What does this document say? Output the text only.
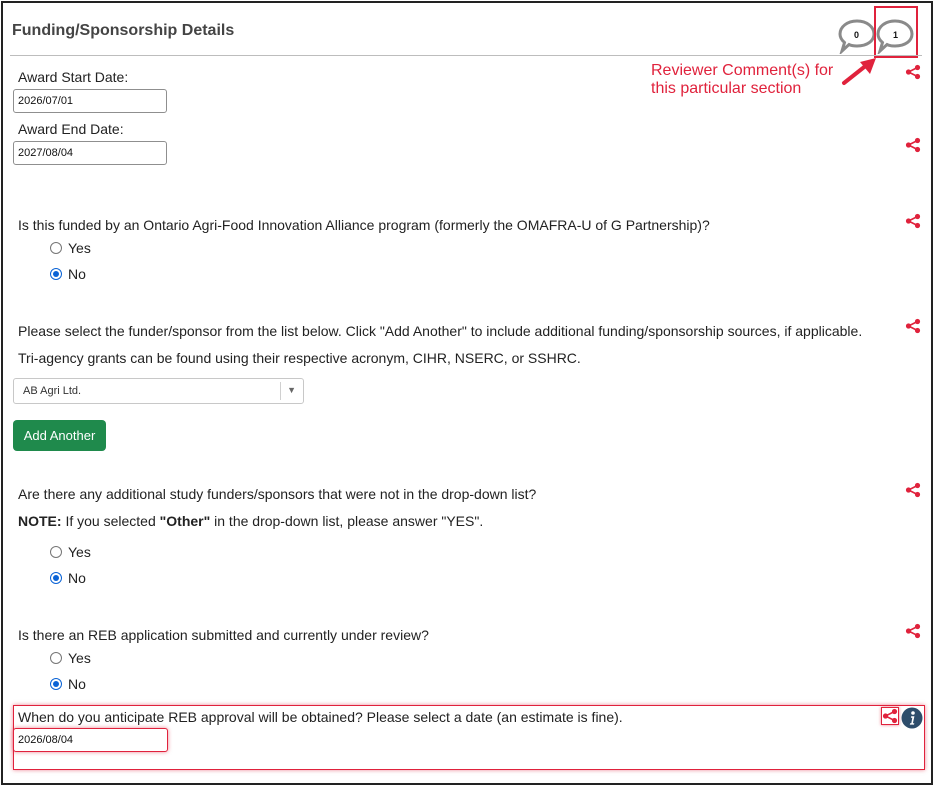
Funding/Sponsorship Details	0	1
Reviewer Comment(s) for
this particular section
Award Start Date:
2026/07/01
Award End Date:
2027/08/04
Is this funded by an Ontario Agri-Food Innovation Alliance program (formerly the OMAFRA-U of G Partnership)?
Yes
No
Please select the funder/sponsor from the list below. Click "Add Another" to include additional funding/sponsorship sources, if applicable.
Tri-agency grants can be found using their respective acronym, CIHR, NSERC, or SSHRC.
AB Agri Ltd.	▼
Add Another
Are there any additional study funders/sponsors that were not in the drop-down list?
NOTE: If you selected "Other" in the drop-down list, please answer "YES".
Yes
No
Is there an REB application submitted and currently under review?
Yes
No
When do you anticipate REB approval will be obtained? Please select a date (an estimate is fine).
2026/08/04
